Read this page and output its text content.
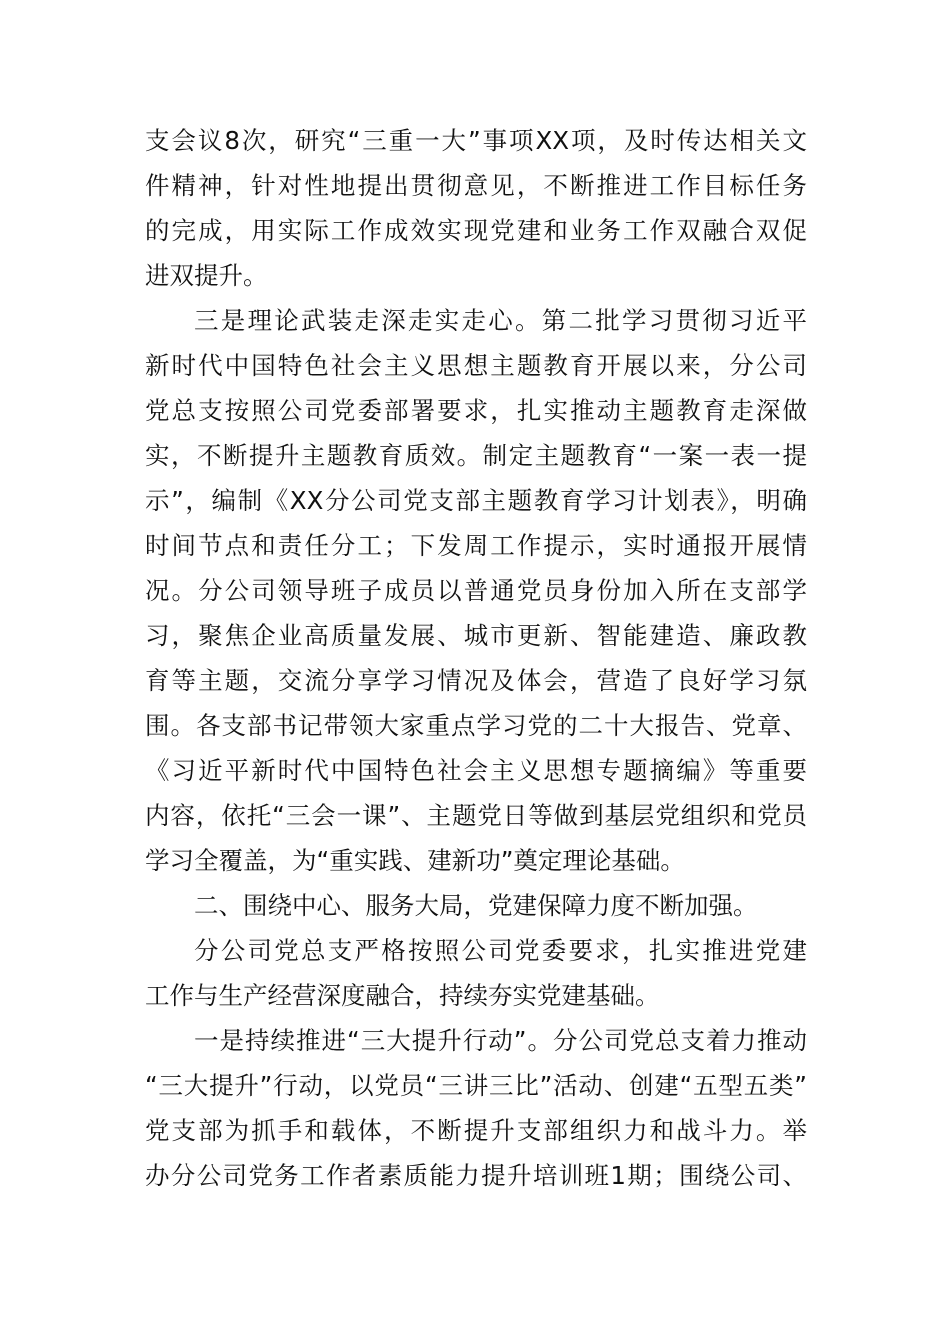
支会议8次，研究“三重一大”事项XX项，及时传达相关文
件精神，针对性地提出贯彻意见，不断推进工作目标任务
的完成，用实际工作成效实现党建和业务工作双融合双促
进双提升。
三是理论武装走深走实走心。第二批学习贯彻习近平
新时代中国特色社会主义思想主题教育开展以来，分公司
党总支按照公司党委部署要求，扎实推动主题教育走深做
实，不断提升主题教育质效。制定主题教育“一案一表一提
示”，编制《XX分公司党支部主题教育学习计划表》，明确
时间节点和责任分工；下发周工作提示，实时通报开展情
况。分公司领导班子成员以普通党员身份加入所在支部学
习，聚焦企业高质量发展、城市更新、智能建造、廉政教
育等主题，交流分享学习情况及体会，营造了良好学习氛
围。各支部书记带领大家重点学习党的二十大报告、党章、
《习近平新时代中国特色社会主义思想专题摘编》等重要
内容，依托“三会一课”、主题党日等做到基层党组织和党员
学习全覆盖，为“重实践、建新功”奠定理论基础。
二、围绕中心、服务大局，党建保障力度不断加强。
分公司党总支严格按照公司党委要求，扎实推进党建
工作与生产经营深度融合，持续夯实党建基础。
一是持续推进“三大提升行动”。分公司党总支着力推动
“三大提升”行动，以党员“三讲三比”活动、创建“五型五类”
党支部为抓手和载体，不断提升支部组织力和战斗力。举
办分公司党务工作者素质能力提升培训班1期；围绕公司、
